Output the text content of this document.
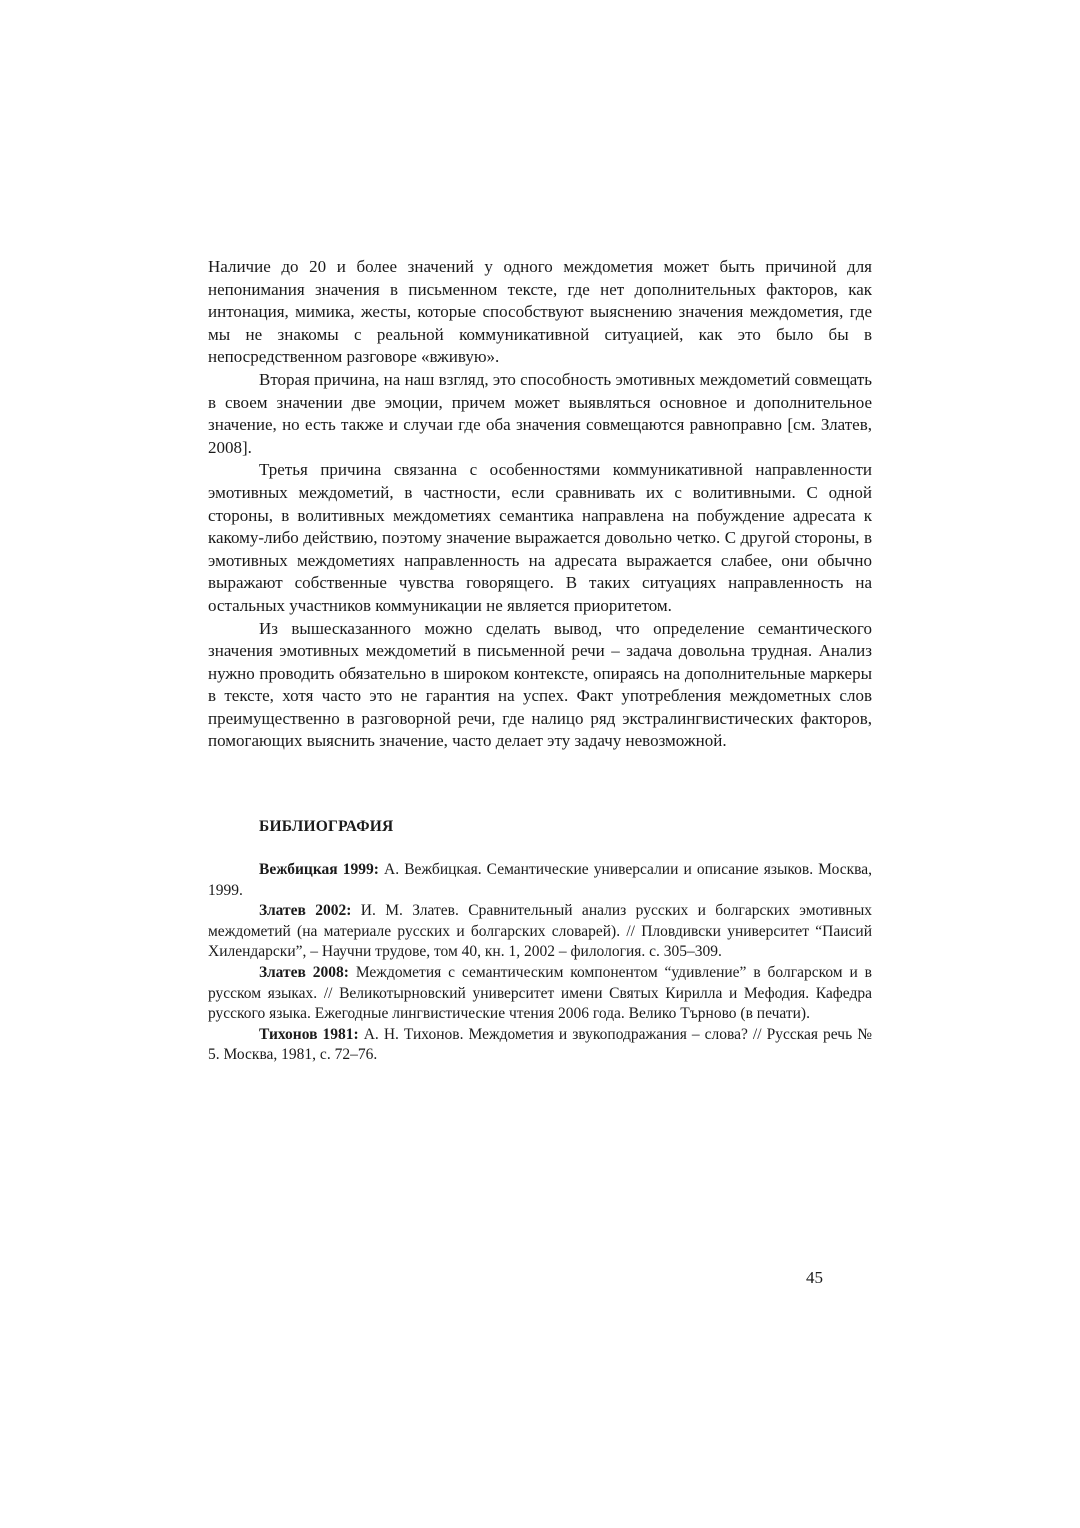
Наличие до 20 и более значений у одного междометия может быть причиной для непонимания значения в письменном тексте, где нет дополнительных факторов, как интонация, мимика, жесты, которые способствуют выяснению значения междометия, где мы не знакомы с реальной коммуникативной ситуацией, как это было бы в непосредственном разговоре «вживую».

Вторая причина, на наш взгляд, это способность эмотивных междометий совмещать в своем значении две эмоции, причем может выявляться основное и дополнительное значение, но есть также и случаи где оба значения совмещаются равноправно [см. Златев, 2008].

Третья причина связанна с особенностями коммуникативной направленности эмотивных междометий, в частности, если сравнивать их с волитивными. С одной стороны, в волитивных междометиях семантика направлена на побуждение адресата к какому-либо действию, поэтому значение выражается довольно четко. С другой стороны, в эмотивных междометиях направленность на адресата выражается слабее, они обычно выражают собственные чувства говорящего. В таких ситуациях направленность на остальных участников коммуникации не является приоритетом.

Из вышесказанного можно сделать вывод, что определение семантического значения эмотивных междометий в письменной речи – задача довольна трудная. Анализ нужно проводить обязательно в широком контексте, опираясь на дополнительные маркеры в тексте, хотя часто это не гарантия на успех. Факт употребления междометных слов преимущественно в разговорной речи, где налицо ряд экстралингвистических факторов, помогающих выяснить значение, часто делает эту задачу невозможной.

БИБЛИОГРАФИЯ

Вежбицкая 1999: А. Вежбицкая. Семантические универсалии и описание языков. Москва, 1999.

Златев 2002: И. М. Златев. Сравнительный анализ русских и болгарских эмотивных междометий (на материале русских и болгарских словарей). // Пловдивски университет “Паисий Хилендарски”, – Научни трудове, том 40, кн. 1, 2002 – филология. с. 305–309.

Златев 2008: Междометия с семантическим компонентом “удивление” в болгарском и в русском языках. // Великотырновский университет имени Святых Кирилла и Мефодия. Кафедра русского языка. Ежегодные лингвистические чтения 2006 года. Велико Търново (в печати).

Тихонов 1981: А. Н. Тихонов. Междометия и звукоподражания – слова? // Русская речь № 5. Москва, 1981, с. 72–76.

45
